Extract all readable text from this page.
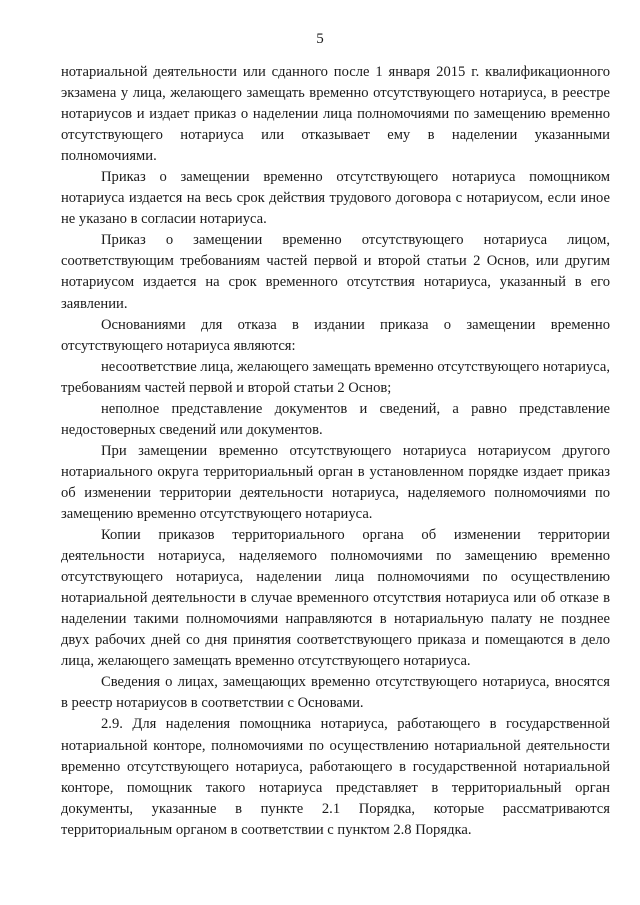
5

нотариальной деятельности или сданного после 1 января 2015 г. квалификационного экзамена у лица, желающего замещать временно отсутствующего нотариуса, в реестре нотариусов и издает приказ о наделении лица полномочиями по замещению временно отсутствующего нотариуса или отказывает ему в наделении указанными полномочиями.

Приказ о замещении временно отсутствующего нотариуса помощником нотариуса издается на весь срок действия трудового договора с нотариусом, если иное не указано в согласии нотариуса.

Приказ о замещении временно отсутствующего нотариуса лицом, соответствующим требованиям частей первой и второй статьи 2 Основ, или другим нотариусом издается на срок временного отсутствия нотариуса, указанный в его заявлении.

Основаниями для отказа в издании приказа о замещении временно отсутствующего нотариуса являются:

несоответствие лица, желающего замещать временно отсутствующего нотариуса, требованиям частей первой и второй статьи 2 Основ;

неполное представление документов и сведений, а равно представление недостоверных сведений или документов.

При замещении временно отсутствующего нотариуса нотариусом другого нотариального округа территориальный орган в установленном порядке издает приказ об изменении территории деятельности нотариуса, наделяемого полномочиями по замещению временно отсутствующего нотариуса.

Копии приказов территориального органа об изменении территории деятельности нотариуса, наделяемого полномочиями по замещению временно отсутствующего нотариуса, наделении лица полномочиями по осуществлению нотариальной деятельности в случае временного отсутствия нотариуса или об отказе в наделении такими полномочиями направляются в нотариальную палату не позднее двух рабочих дней со дня принятия соответствующего приказа и помещаются в дело лица, желающего замещать временно отсутствующего нотариуса.

Сведения о лицах, замещающих временно отсутствующего нотариуса, вносятся в реестр нотариусов в соответствии с Основами.

2.9. Для наделения помощника нотариуса, работающего в государственной нотариальной конторе, полномочиями по осуществлению нотариальной деятельности временно отсутствующего нотариуса, работающего в государственной нотариальной конторе, помощник такого нотариуса представляет в территориальный орган документы, указанные в пункте 2.1 Порядка, которые рассматриваются территориальным органом в соответствии с пунктом 2.8 Порядка.
